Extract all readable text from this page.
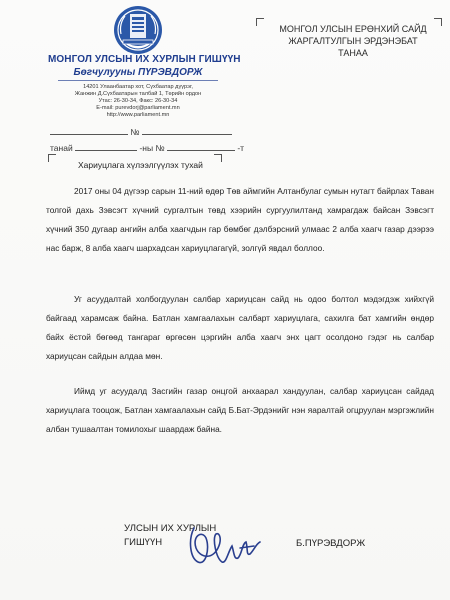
МОНГОЛ УЛСЫН ИХ ХУРЛЫН ГИШҮҮН
Бөгчулууны ПҮРЭВДОРЖ
14201 Улаанбаатар хот, Сүхбаатар дүүрэг,
Жанжин Д.Сүхбаатарын талбай 1, Төрийн ордон
Утас: 26-30-34, Факс: 26-30-34
E-mail: purevdorj@parliament.mn
http://www.parliament.mn
МОНГОЛ УЛСЫН ЕРӨНХИЙ САЙД
ЖАРГАЛТУЛГЫН ЭРДЭНЭБАТ
ТАНАА
№
танай	-ны №	-т
Хариуцлага хүлээлгүүлэх тухай

2017 оны 04 дүгээр сарын 11-ний өдөр Төв аймгийн Алтанбулаг сумын нутагт байрлах Таван толгой дахь Зэвсэгт хүчний сургалтын төвд хээрийн сургуулилтанд хамрагдаж байсан Зэвсэгт хүчний 350 дугаар ангийн алба хаагчдын гар бөмбөг дэлбэрсний улмаас 2 алба хаагч газар дээрээ нас барж, 8 алба хаагч шархадсан хариуцлагагүй, золгүй явдал боллоо.

Уг асуудалтай холбогдуулан салбар хариуцсан сайд нь одоо болтол мэдэгдэж хийхгүй байгаад харамсаж байна. Батлан хамгаалахын салбарт хариуцлага, сахилга бат хамгийн өндөр байх ёстой бөгөөд тангараг өргөсөн цэргийн алба хаагч энх цагт осолдоно гэдэг нь салбар хариуцсан сайдын алдаа мөн.

Иймд уг асуудалд Засгийн газар онцгой анхаарал хандуулан, салбар хариуцсан сайдад хариуцлага тооцож, Батлан хамгаалахын сайд Б.Бат-Эрдэнийг нэн яаралтай огцруулан мэргэжлийн албан тушаалтан томилохыг шаардаж байна.

УЛСЫН ИХ ХУРЛЫН
ГИШҮҮН	Б.ПҮРЭВДОРЖ
